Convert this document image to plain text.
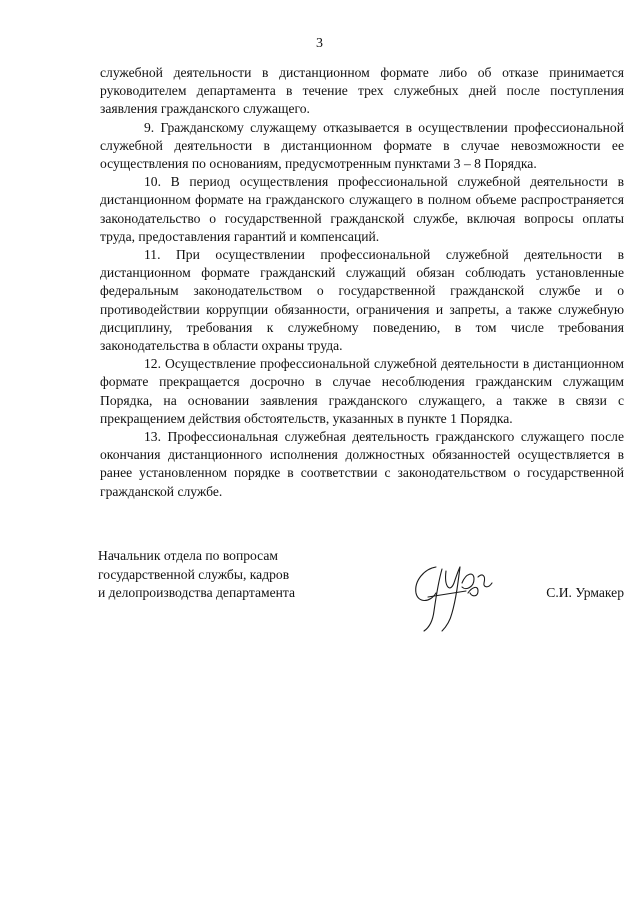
3

служебной деятельности в дистанционном формате либо об отказе принимается руководителем департамента в течение трех служебных дней после поступления заявления гражданского служащего.

9. Гражданскому служащему отказывается в осуществлении профессиональной служебной деятельности в дистанционном формате в случае невозможности ее осуществления по основаниям, предусмотренным пунктами 3 – 8 Порядка.

10. В период осуществления профессиональной служебной деятельности в дистанционном формате на гражданского служащего в полном объеме распространяется законодательство о государственной гражданской службе, включая вопросы оплаты труда, предоставления гарантий и компенсаций.

11. При осуществлении профессиональной служебной деятельности в дистанционном формате гражданский служащий обязан соблюдать установленные федеральным законодательством о государственной гражданской службе и о противодействии коррупции обязанности, ограничения и запреты, а также служебную дисциплину, требования к служебному поведению, в том числе требования законодательства в области охраны труда.

12. Осуществление профессиональной служебной деятельности в дистанционном формате прекращается досрочно в случае несоблюдения гражданским служащим Порядка, на основании заявления гражданского служащего, а также в связи с прекращением действия обстоятельств, указанных в пункте 1 Порядка.

13. Профессиональная служебная деятельность гражданского служащего после окончания дистанционного исполнения должностных обязанностей осуществляется в ранее установленном порядке в соответствии с законодательством о государственной гражданской службе.

Начальник отдела по вопросам
государственной службы, кадров
и делопроизводства департамента	С.И. Урмакер
